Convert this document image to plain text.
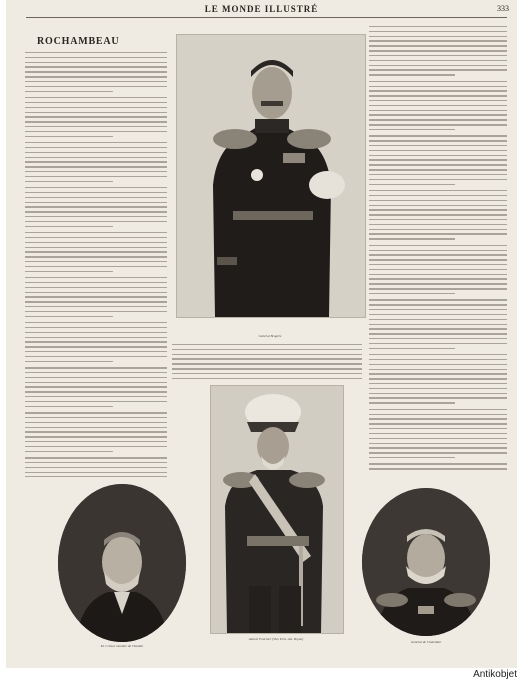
LE MONDE ILLUSTRÉ	333
ROCHAMBEAU
Général Brugère
M. Cristel, membre de l'Institut
Amiral Fournier (Vice Prés. Am. Bryan)
Général de Chalendar
Antikobjet
